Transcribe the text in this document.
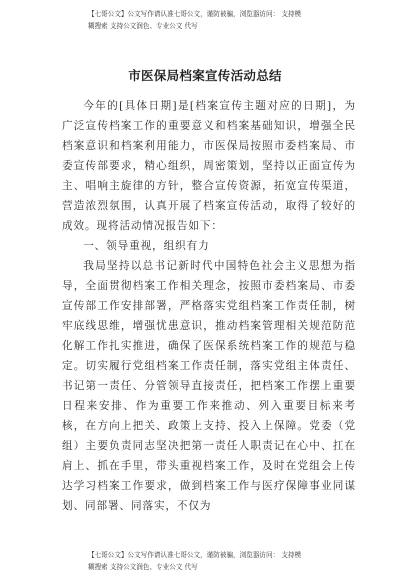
【七哥公文】公文写作请认准七哥公文，谨防被骗，浏览器访问： 支持模
糊搜索 支持公文润色、专业公文 代写
市医保局档案宣传活动总结

今年的[具体日期]是[档案宣传主题对应的日期]，为广泛宣传档案工作的重要意义和档案基础知识，增强全民档案意识和档案利用能力，市医保局按照市委档案局、市委宣传部要求，精心组织，周密策划，坚持以正面宣传为主、唱响主旋律的方针，整合宣传资源，拓宽宣传渠道，营造浓烈氛围，认真开展了档案宣传活动，取得了较好的成效。现将活动情况报告如下：

一、领导重视，组织有力

我局坚持以总书记新时代中国特色社会主义思想为指导，全面贯彻档案工作相关理念，按照市委档案局、市委宣传部工作安排部署，严格落实党组档案工作责任制，树牢底线思维，增强忧患意识，推动档案管理相关规范防范化解工作扎实推进，确保了医保系统档案工作的规范与稳定。切实履行党组档案工作责任制，落实党组主体责任、书记第一责任、分管领导直接责任，把档案工作摆上重要日程来安排、作为重要工作来推动、列入重要目标来考核，在方向上把关、政策上支持、投入上保障。党委（党组）主要负责同志坚决把第一责任人职责记在心中、扛在肩上、抓在手里，带头重视档案工作，及时在党组会上传达学习档案工作要求，做到档案工作与医疗保障事业同谋划、同部署、同落实，不仅为

【七哥公文】公文写作请认准七哥公文，谨防被骗，浏览器访问： 支持模
糊搜索 支持公文润色、专业公文 代写
